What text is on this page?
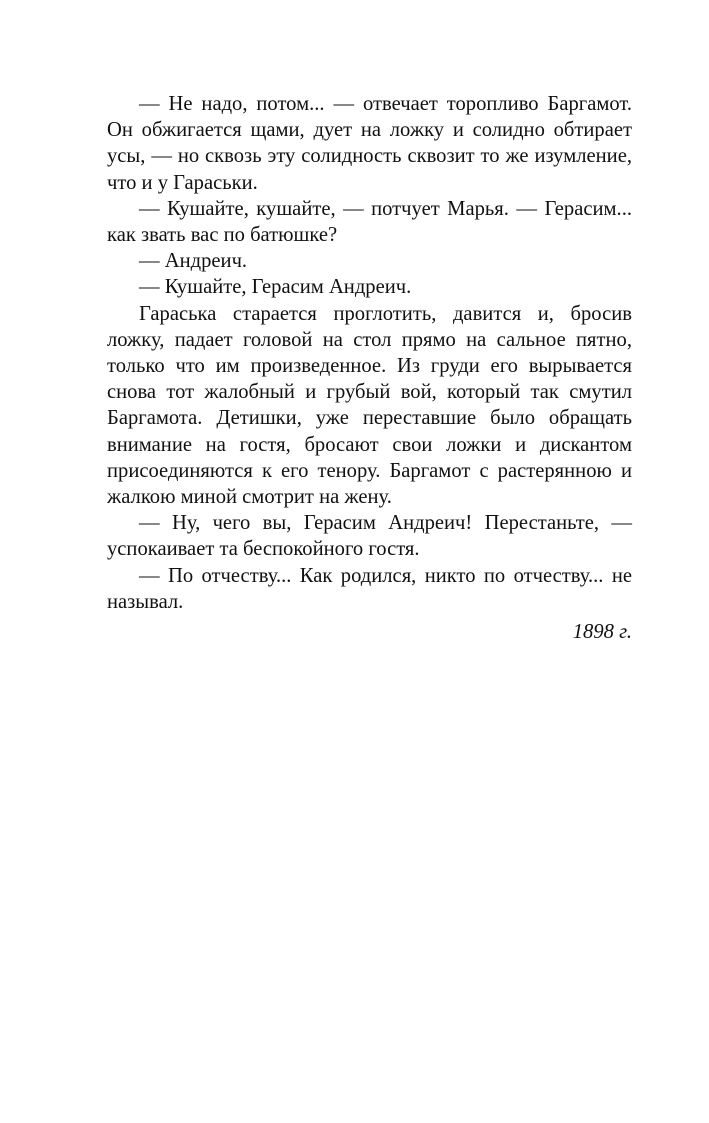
— Не надо, потом... — отвечает торопливо Баргамот. Он обжигается щами, дует на ложку и солидно обтирает усы, — но сквозь эту солидность сквозит то же изумление, что и у Гараськи.

— Кушайте, кушайте, — потчует Марья. — Герасим... как звать вас по батюшке?

— Андреич.

— Кушайте, Герасим Андреич.

Гараська старается проглотить, давится и, бросив ложку, падает головой на стол прямо на сальное пятно, только что им произведенное. Из груди его вырывается снова тот жалобный и грубый вой, который так смутил Баргамота. Детишки, уже переставшие было обращать внимание на гостя, бросают свои ложки и дискантом присоединяются к его тенору. Баргамот с растерянною и жалкою миной смотрит на жену.

— Ну, чего вы, Герасим Андреич! Перестаньте, — успокаивает та беспокойного гостя.

— По отчеству... Как родился, никто по отчеству... не называл.

1898 г.
